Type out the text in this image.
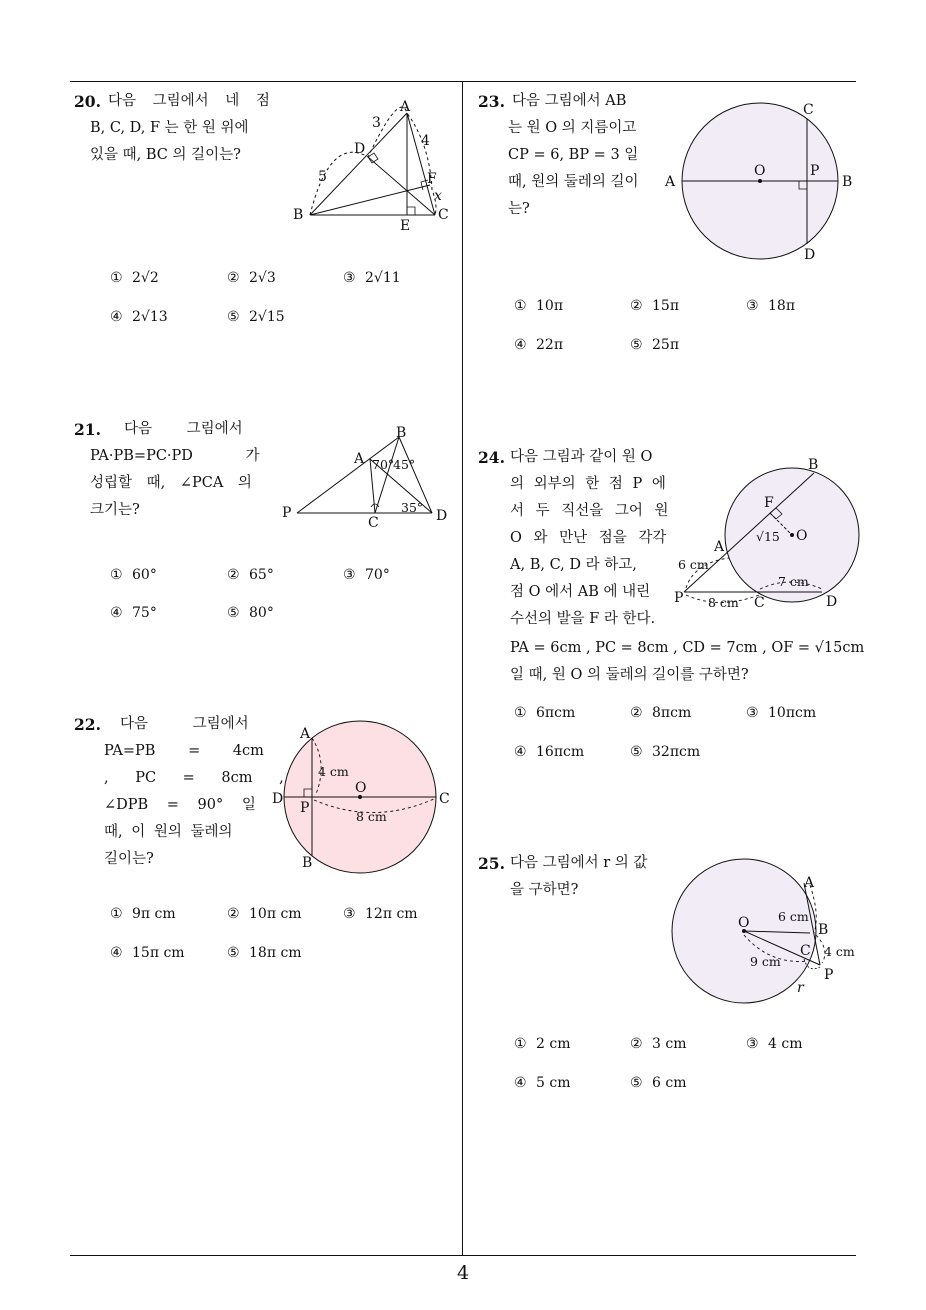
4
20. 다음 그림에서 네 점
B, C, D, F 는 한 원 위에
있을 때, BC 의 길이는?
A
B	C
D
E
F
3
4
5
x
① 2√2	② 2√3	③ 2√11
④ 2√13	⑤ 2√15
21. 다음 그림에서
PA·PB=PC·PD 가
성립할 때, ∠PCA 의
크기는?
A
B
C	D
P
70°
45°
35°
① 60°	② 65°	③ 70°
④ 75°	⑤ 80°
22. 다음 그림에서
PA=PB = 4cm
, PC = 8cm ,
∠DPB = 90° 일
때, 이 원의 둘레의
길이는?
A
B
C
D
P
O
4 cm
8 cm
① 9π cm	② 10π cm	③ 12π cm
④ 15π cm	⑤ 18π cm
23. 다음 그림에서 AB
는 원 O 의 지름이고
CP = 6, BP = 3 일
때, 원의 둘레의 길이
는?
A	B
C
D
O	P
① 10π	② 15π	③ 18π
④ 22π	⑤ 25π
24. 다음 그림과 같이 원 O
의 외부의 한 점 P 에
서 두 직선을 그어 원
O 와 만난 점을 각각
A, B, C, D 라 하고,
점 O 에서 AB 에 내린
수선의 발을 F 라 한다.
PA = 6cm , PC = 8cm , CD = 7cm , OF = √15cm
일 때, 원 O 의 둘레의 길이를 구하면?
A
B
C	D
P
O
F
6 cm
8 cm
7 cm
√15
① 6πcm	② 8πcm	③ 10πcm
④ 16πcm	⑤ 32πcm
25. 다음 그림에서 r 의 값
을 구하면?	A
B
C
P
O 6 cm
4 cm
9 cm
r
① 2 cm	② 3 cm	③ 4 cm
④ 5 cm	⑤ 6 cm
